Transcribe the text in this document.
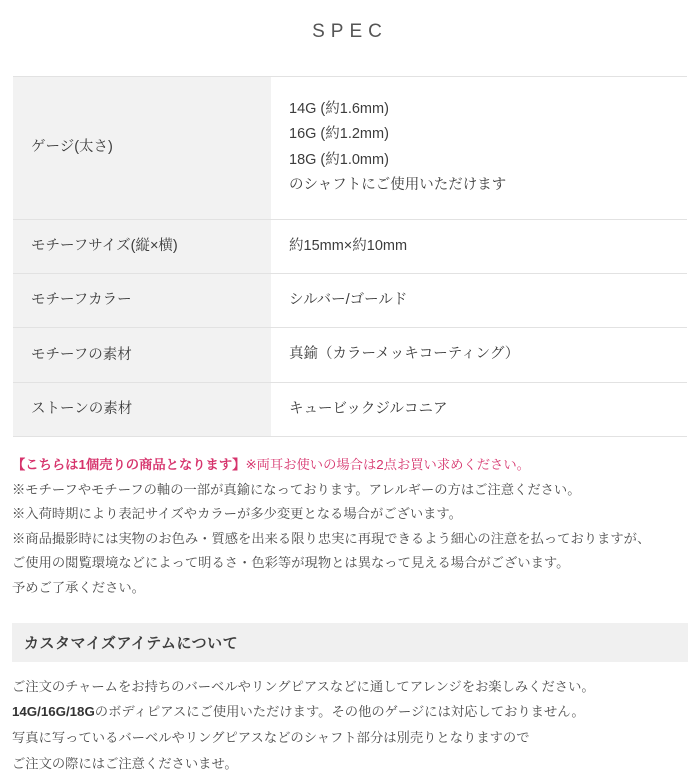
SPEC
ゲージ(太さ)	14G (約1.6mm)
16G (約1.2mm)
18G (約1.0mm)
のシャフトにご使用いただけます

モチーフサイズ(縦×横)	約15mm×約10mm
モチーフカラー	シルバー/ゴールド
モチーフの素材	真鍮（カラーメッキコーティング）
ストーンの素材	キュービックジルコニア

【こちらは1個売りの商品となります】※両耳お使いの場合は2点お買い求めください。

※モチーフやモチーフの軸の一部が真鍮になっております。アレルギーの方はご注意ください。

※入荷時期により表記サイズやカラーが多少変更となる場合がございます。

※商品撮影時には実物のお色み・質感を出来る限り忠実に再現できるよう細心の注意を払っておりますが、

ご使用の閲覧環境などによって明るさ・色彩等が現物とは異なって見える場合がございます。

予めご了承ください。

カスタマイズアイテムについて

ご注文のチャームをお持ちのバーベルやリングピアスなどに通してアレンジをお楽しみください。

14G/16G/18Gのボディピアスにご使用いただけます。その他のゲージには対応しておりません。

写真に写っているバーベルやリングピアスなどのシャフト部分は別売りとなりますので

ご注文の際にはご注意くださいませ。
